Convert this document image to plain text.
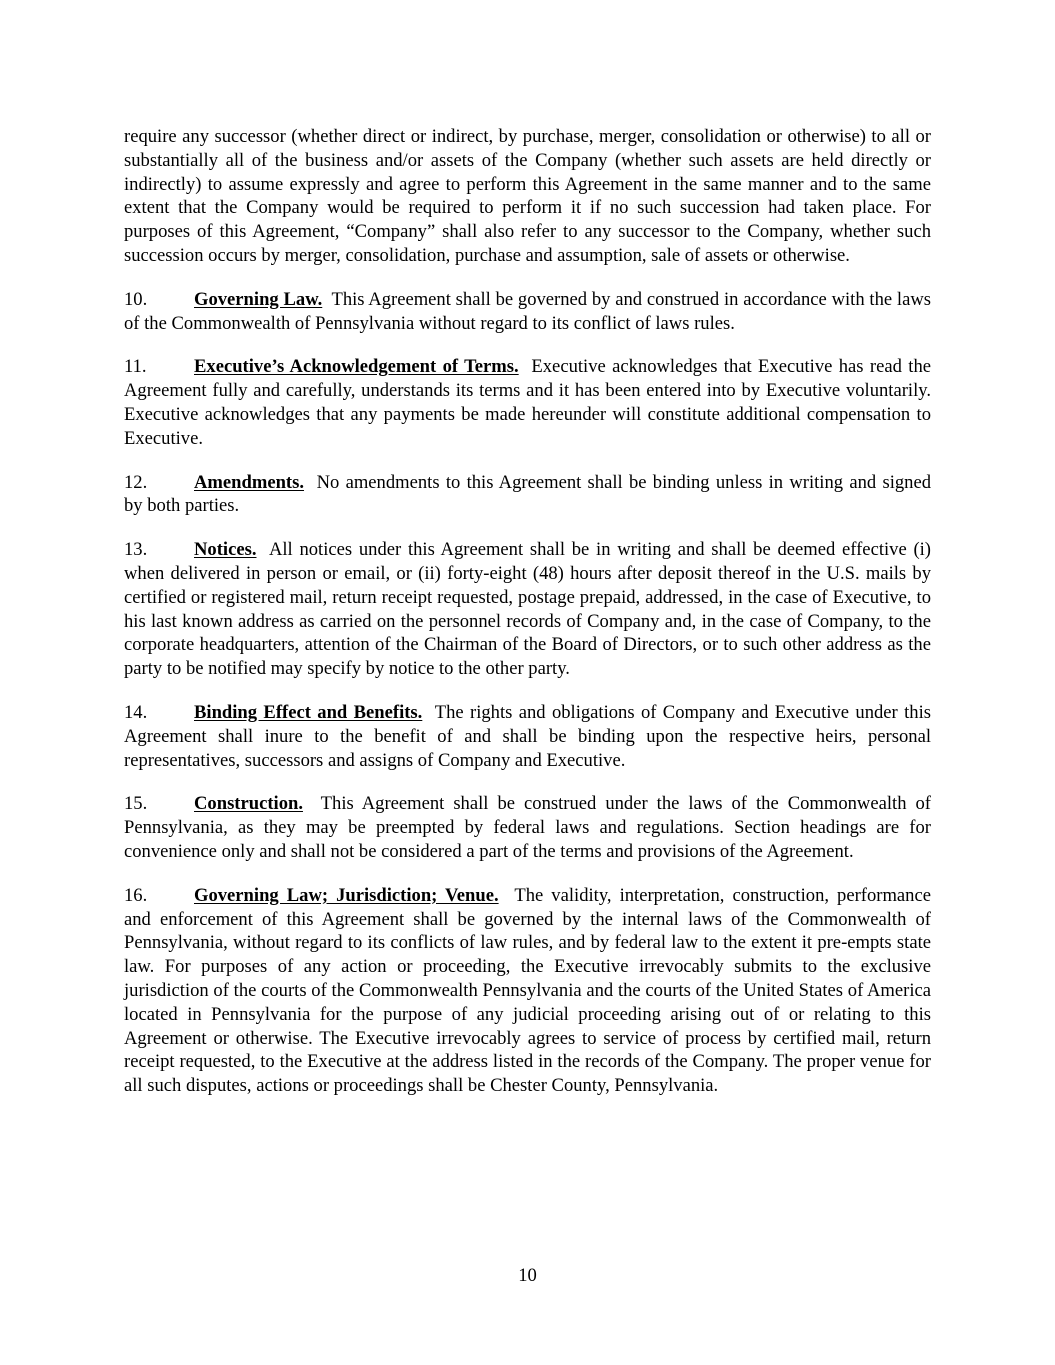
require any successor (whether direct or indirect, by purchase, merger, consolidation or otherwise) to all or substantially all of the business and/or assets of the Company (whether such assets are held directly or indirectly) to assume expressly and agree to perform this Agreement in the same manner and to the same extent that the Company would be required to perform it if no such succession had taken place. For purposes of this Agreement, “Company” shall also refer to any successor to the Company, whether such succession occurs by merger, consolidation, purchase and assumption, sale of assets or otherwise.

10.	Governing Law. This Agreement shall be governed by and construed in accordance with the laws of the Commonwealth of Pennsylvania without regard to its conflict of laws rules.

11.	Executive’s Acknowledgement of Terms. Executive acknowledges that Executive has read the Agreement fully and carefully, understands its terms and it has been entered into by Executive voluntarily. Executive acknowledges that any payments be made hereunder will constitute additional compensation to Executive.

12.	Amendments. No amendments to this Agreement shall be binding unless in writing and signed by both parties.

13.	Notices. All notices under this Agreement shall be in writing and shall be deemed effective (i) when delivered in person or email, or (ii) forty-eight (48) hours after deposit thereof in the U.S. mails by certified or registered mail, return receipt requested, postage prepaid, addressed, in the case of Executive, to his last known address as carried on the personnel records of Company and, in the case of Company, to the corporate headquarters, attention of the Chairman of the Board of Directors, or to such other address as the party to be notified may specify by notice to the other party.

14.	Binding Effect and Benefits. The rights and obligations of Company and Executive under this Agreement shall inure to the benefit of and shall be binding upon the respective heirs, personal representatives, successors and assigns of Company and Executive.

15.	Construction. This Agreement shall be construed under the laws of the Commonwealth of Pennsylvania, as they may be preempted by federal laws and regulations. Section headings are for convenience only and shall not be considered a part of the terms and provisions of the Agreement.

16.	Governing Law; Jurisdiction; Venue. The validity, interpretation, construction, performance and enforcement of this Agreement shall be governed by the internal laws of the Commonwealth of Pennsylvania, without regard to its conflicts of law rules, and by federal law to the extent it pre-empts state law. For purposes of any action or proceeding, the Executive irrevocably submits to the exclusive jurisdiction of the courts of the Commonwealth Pennsylvania and the courts of the United States of America located in Pennsylvania for the purpose of any judicial proceeding arising out of or relating to this Agreement or otherwise. The Executive irrevocably agrees to service of process by certified mail, return receipt requested, to the Executive at the address listed in the records of the Company. The proper venue for all such disputes, actions or proceedings shall be Chester County, Pennsylvania.

10
